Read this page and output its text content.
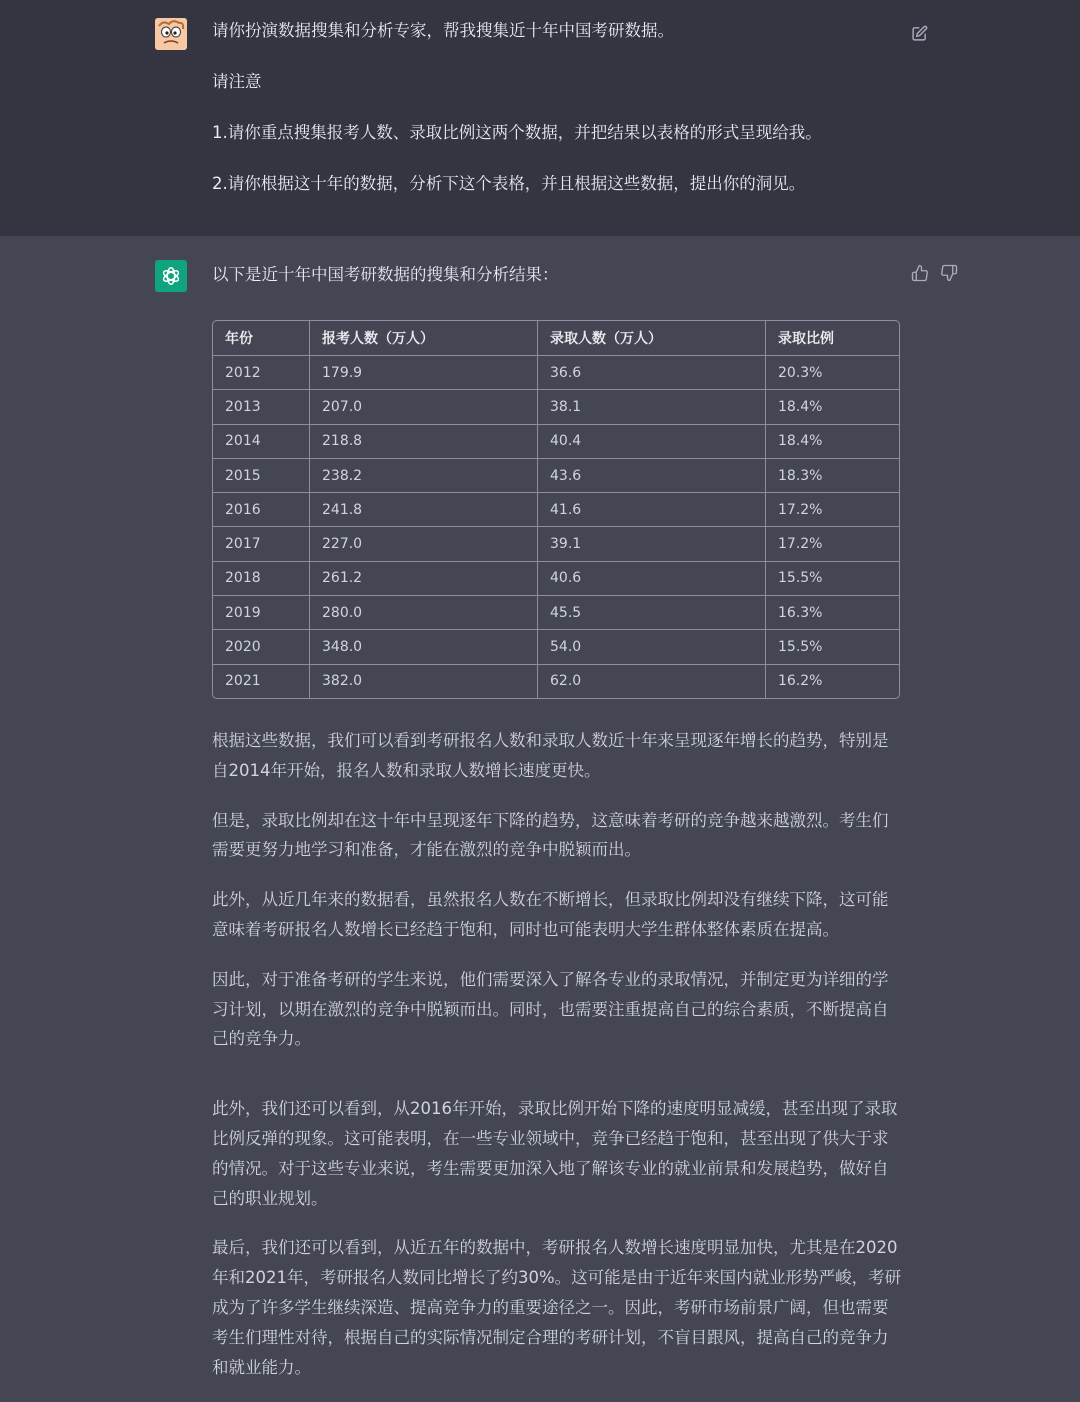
请你扮演数据搜集和分析专家，帮我搜集近十年中国考研数据。

请注意

1.请你重点搜集报考人数、录取比例这两个数据，并把结果以表格的形式呈现给我。

2.请你根据这十年的数据，分析下这个表格，并且根据这些数据，提出你的洞见。

以下是近十年中国考研数据的搜集和分析结果：
年份	报考人数（万人）	录取人数（万人）	录取比例
2012	179.9	36.6	20.3%
2013	207.0	38.1	18.4%
2014	218.8	40.4	18.4%
2015	238.2	43.6	18.3%
2016	241.8	41.6	17.2%
2017	227.0	39.1	17.2%
2018	261.2	40.6	15.5%
2019	280.0	45.5	16.3%
2020	348.0	54.0	15.5%
2021	382.0	62.0	16.2%

根据这些数据，我们可以看到考研报名人数和录取人数近十年来呈现逐年增长的趋势，特别是自2014年开始，报名人数和录取人数增长速度更快。

但是，录取比例却在这十年中呈现逐年下降的趋势，这意味着考研的竞争越来越激烈。考生们需要更努力地学习和准备，才能在激烈的竞争中脱颖而出。

此外，从近几年来的数据看，虽然报名人数在不断增长，但录取比例却没有继续下降，这可能意味着考研报名人数增长已经趋于饱和，同时也可能表明大学生群体整体素质在提高。

因此，对于准备考研的学生来说，他们需要深入了解各专业的录取情况，并制定更为详细的学习计划，以期在激烈的竞争中脱颖而出。同时，也需要注重提高自己的综合素质，不断提高自己的竞争力。

此外，我们还可以看到，从2016年开始，录取比例开始下降的速度明显减缓，甚至出现了录取比例反弹的现象。这可能表明，在一些专业领域中，竞争已经趋于饱和，甚至出现了供大于求的情况。对于这些专业来说，考生需要更加深入地了解该专业的就业前景和发展趋势，做好自己的职业规划。

最后，我们还可以看到，从近五年的数据中，考研报名人数增长速度明显加快，尤其是在2020年和2021年，考研报名人数同比增长了约30%。这可能是由于近年来国内就业形势严峻，考研成为了许多学生继续深造、提高竞争力的重要途径之一。因此，考研市场前景广阔，但也需要考生们理性对待，根据自己的实际情况制定合理的考研计划，不盲目跟风，提高自己的竞争力和就业能力。
